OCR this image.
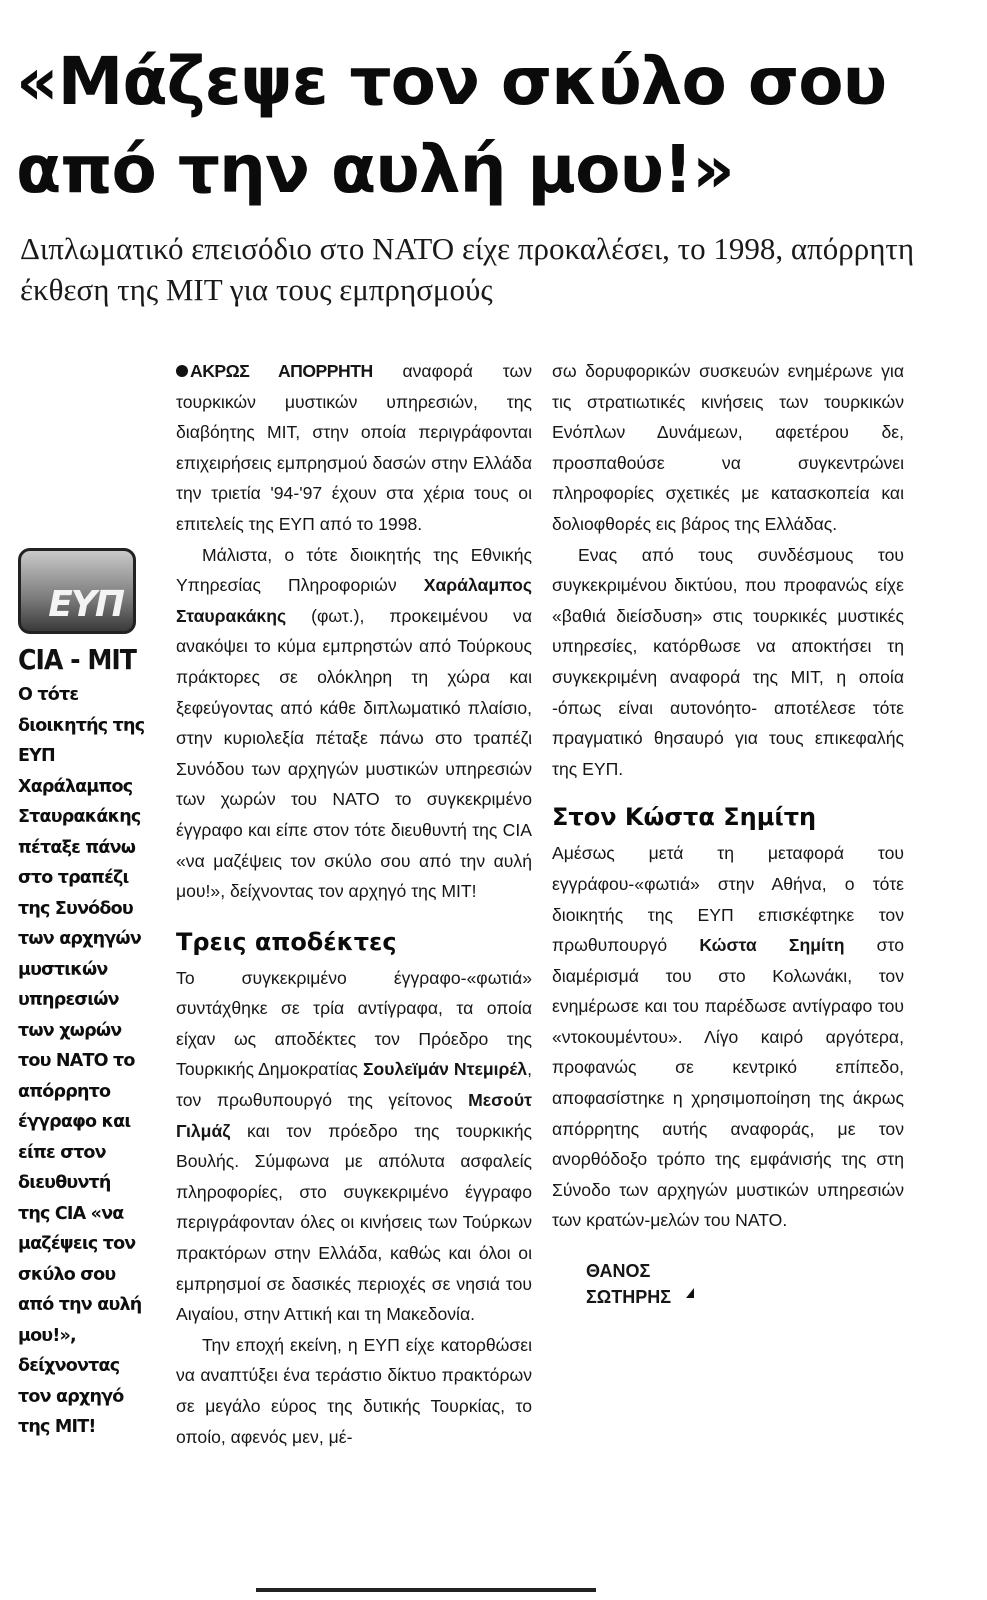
«Μάζεψε τον σκύλο σου
από την αυλή μου!»

Διπλωματικό επεισόδιο στο ΝΑΤΟ είχε προκαλέσει, το 1998, απόρρητη έκθεση της ΜΙΤ για τους εμπρησμούς

ΕΥΠ

CIA - MIT

Ο τότε διοικητής της ΕΥΠ Χαράλαμπος Σταυρακάκης πέταξε πάνω στο τραπέζι της Συνόδου των αρχηγών μυστικών υπηρεσιών των χωρών του ΝΑΤΟ το απόρρητο έγγραφο και είπε στον διευθυντή της CIA «να μαζέψεις τον σκύλο σου από την αυλή μου!», δείχνοντας τον αρχηγό της ΜΙΤ!

ΑΚΡΩΣ ΑΠΟΡΡΗΤΗ αναφορά των τουρκικών μυστικών υπηρεσιών, της διαβόητης ΜΙΤ, στην οποία περιγράφονται επιχειρήσεις εμπρησμού δασών στην Ελλάδα την τριετία '94-'97 έχουν στα χέρια τους οι επιτελείς της ΕΥΠ από το 1998.

Μάλιστα, ο τότε διοικητής της Εθνικής Υπηρεσίας Πληροφοριών Χαράλαμπος Σταυρακάκης (φωτ.), προκειμένου να ανακόψει το κύμα εμπρηστών από Τούρκους πράκτορες σε ολόκληρη τη χώρα και ξεφεύγοντας από κάθε διπλωματικό πλαίσιο, στην κυριολεξία πέταξε πάνω στο τραπέζι Συνόδου των αρχηγών μυστικών υπηρεσιών των χωρών του ΝΑΤΟ το συγκεκριμένο έγγραφο και είπε στον τότε διευθυντή της CIA «να μαζέψεις τον σκύλο σου από την αυλή μου!», δείχνοντας τον αρχηγό της ΜΙΤ!

Τρεις αποδέκτες

Το συγκεκριμένο έγγραφο-«φωτιά» συντάχθηκε σε τρία αντίγραφα, τα οποία είχαν ως αποδέκτες τον Πρόεδρο της Τουρκικής Δημοκρατίας Σουλεϊμάν Ντεμιρέλ, τον πρωθυπουργό της γείτονος Μεσούτ Γιλμάζ και τον πρόεδρο της τουρκικής Βουλής. Σύμφωνα με απόλυτα ασφαλείς πληροφορίες, στο συγκεκριμένο έγγραφο περιγράφονταν όλες οι κινήσεις των Τούρκων πρακτόρων στην Ελλάδα, καθώς και όλοι οι εμπρησμοί σε δασικές περιοχές σε νησιά του Αιγαίου, στην Αττική και τη Μακεδονία.

Την εποχή εκείνη, η ΕΥΠ είχε κατορθώσει να αναπτύξει ένα τεράστιο δίκτυο πρακτόρων σε μεγάλο εύρος της δυτικής Τουρκίας, το οποίο, αφενός μεν, μέ-

σω δορυφορικών συσκευών ενημέρωνε για τις στρατιωτικές κινήσεις των τουρκικών Ενόπλων Δυνάμεων, αφετέρου δε, προσπαθούσε να συγκεντρώνει πληροφορίες σχετικές με κατασκοπεία και δολιοφθορές εις βάρος της Ελλάδας.

Ενας από τους συνδέσμους του συγκεκριμένου δικτύου, που προφανώς είχε «βαθιά διείσδυση» στις τουρκικές μυστικές υπηρεσίες, κατόρθωσε να αποκτήσει τη συγκεκριμένη αναφορά της ΜΙΤ, η οποία -όπως είναι αυτονόητο- αποτέλεσε τότε πραγματικό θησαυρό για τους επικεφαλής της ΕΥΠ.

Στον Κώστα Σημίτη

Αμέσως μετά τη μεταφορά του εγγράφου-«φωτιά» στην Αθήνα, ο τότε διοικητής της ΕΥΠ επισκέφτηκε τον πρωθυπουργό Κώστα Σημίτη στο διαμέρισμά του στο Κολωνάκι, τον ενημέρωσε και του παρέδωσε αντίγραφο του «ντοκουμέντου». Λίγο καιρό αργότερα, προφανώς σε κεντρικό επίπεδο, αποφασίστηκε η χρησιμοποίηση της άκρως απόρρητης αυτής αναφοράς, με τον ανορθόδοξο τρόπο της εμφάνισής της στη Σύνοδο των αρχηγών μυστικών υπηρεσιών των κρατών-μελών του ΝΑΤΟ.

ΘΑΝΟΣ
ΣΩΤΗΡΗΣ
